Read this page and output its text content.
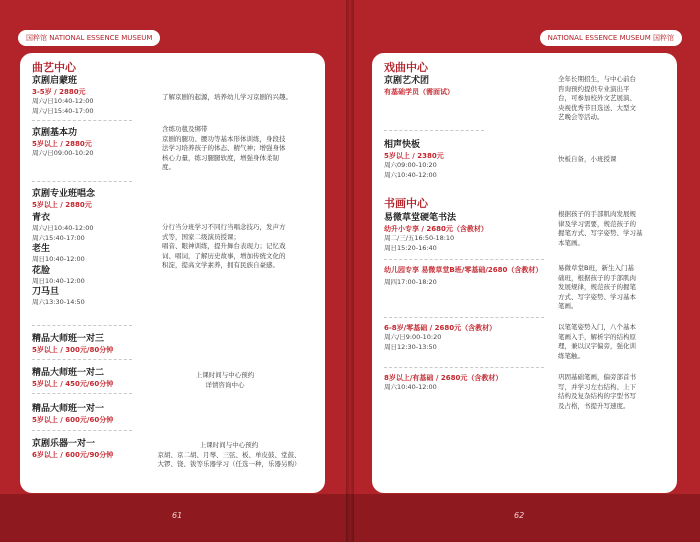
国粹馆 NATIONAL ESSENCE MUSEUM
曲艺中心
京剧启蒙班
3-5岁 / 2880元
周六/日10:40-12:00
周六/日15:40-17:00
了解京剧的起源，培养幼儿学习京剧的兴趣。
京剧基本功
5岁以上 / 2880元
周六/日09:00-10:20
含练功毯及绑带
京剧的腿功、腰功等基本形体训练，身段技
法学习培养孩子的体态、精气神；增强身体
核心力量，练习腿腿软度，增强身体柔韧
度。
京剧专业班唱念
5岁以上 / 2880元
青衣
周六/日10:40-12:00
周六15:40-17:00
老生
周日10:40-12:00
花脸
周日10:40-12:00
刀马旦
周六13:30-14:50
分行当分班学习不同行当唱念技巧，发声方
式等，国家二级演员授课；
唱音、眼神训练，提升舞台表现力；记忆戏
词、唱词，了解历史故事，增加传统文化的
积淀，提高文学素养，拥有民族自豪感。
精品大师班一对三
5岁以上 / 300元/80分钟
精品大师班一对二
5岁以上 / 450元/60分钟
精品大师班一对一
5岁以上 / 600元/60分钟
上课时间与中心预约
详情咨询中心
京剧乐器一对一
6岁以上 / 600元/90分钟
上课时间与中心预约
京胡、京二胡、月琴、三弦、板、单皮鼓、堂鼓、
大锣、铙、钹等乐器学习（任选一种，乐器另购）
61
NATIONAL ESSENCE MUSEUM 国粹馆
戏曲中心
京剧艺术团
有基础学员（需面试）
全年长期招生，与中心前台
咨询预约提供专业演出平
台，可参加校外文艺展演、
央视优秀节目选送、大型文
艺晚会等活动。
相声快板
5岁以上 / 2380元
周六09:00-10:20
周六10:40-12:00
快板自备，小班授课
书画中心
易微草堂硬笔书法
幼升小专享 / 2680元（含教材）
周二/三/五16:50-18:10
周日15:20-16:40
根据孩子的手部肌肉发展规
律及学习需要，规范孩子的
握笔方式、写字姿势、学习基
本笔画。
幼儿园专享 易微草堂B班/零基础/2680（含教材）
周四17:00-18:20
易微草堂B班，新生入门基
础班，根据孩子的手部肌肉
发展规律，规范孩子的握笔
方式、写字姿势、学习基本
笔画。
6-8岁/零基础 / 2680元（含教材）
周六/日9:00-10:20
周日12:30-13:50
以笔笔姿势入门，八个基本
笔画入手，解析字的结构原
理，兼以汉字偏旁，强化训
练笔触。
8岁以上/有基础 / 2680元（含教材）
周六10:40-12:00
巩固基础笔画，偏旁部首书
写，并学习左右结构、上下
结构及复杂结构的字型书写
及占格，书提升写速度。
62
